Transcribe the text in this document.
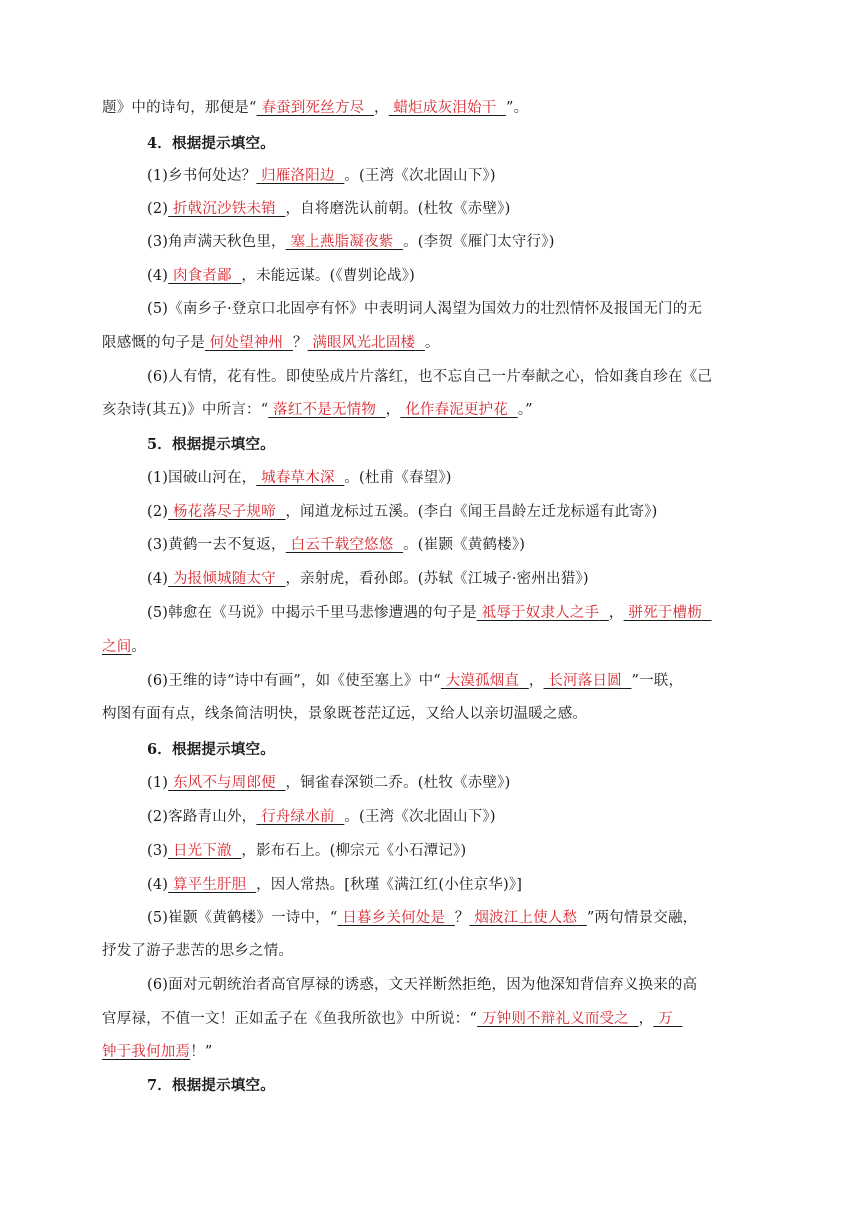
题》中的诗句，那便是“ 春蚕到死丝方尽 ， 蜡炬成灰泪始干 ”。
4．根据提示填空。
(1)乡书何处达？ 归雁洛阳边 。(王湾《次北固山下》)
(2) 折戟沉沙铁未销 ，自将磨洗认前朝。(杜牧《赤壁》)
(3)角声满天秋色里， 塞上燕脂凝夜紫 。(李贺《雁门太守行》)
(4) 肉食者鄙 ，未能远谋。(《曹刿论战》)
(5)《南乡子·登京口北固亭有怀》中表明词人渴望为国效力的壮烈情怀及报国无门的无
限感慨的句子是 何处望神州 ？ 满眼风光北固楼 。
(6)人有情，花有性。即使坠成片片落红，也不忘自己一片奉献之心，恰如龚自珍在《己
亥杂诗(其五)》中所言：“ 落红不是无情物 ， 化作春泥更护花 。”
5．根据提示填空。
(1)国破山河在， 城春草木深 。(杜甫《春望》)
(2) 杨花落尽子规啼 ，闻道龙标过五溪。(李白《闻王昌龄左迁龙标遥有此寄》)
(3)黄鹤一去不复返， 白云千载空悠悠 。(崔颢《黄鹤楼》)
(4) 为报倾城随太守 ，亲射虎，看孙郎。(苏轼《江城子·密州出猎》)
(5)韩愈在《马说》中揭示千里马悲惨遭遇的句子是 祗辱于奴隶人之手 ， 骈死于槽枥
之间。
(6)王维的诗“诗中有画”，如《使至塞上》中“ 大漠孤烟直 ， 长河落日圆 ”一联，
构图有面有点，线条简洁明快，景象既苍茫辽远，又给人以亲切温暖之感。
6．根据提示填空。
(1) 东风不与周郎便 ，铜雀春深锁二乔。(杜牧《赤壁》)
(2)客路青山外， 行舟绿水前 。(王湾《次北固山下》)
(3) 日光下澈 ，影布石上。(柳宗元《小石潭记》)
(4) 算平生肝胆 ，因人常热。[秋瑾《满江红(小住京华)》]
(5)崔颢《黄鹤楼》一诗中，“ 日暮乡关何处是 ？ 烟波江上使人愁 ”两句情景交融，
抒发了游子悲苦的思乡之情。
(6)面对元朝统治者高官厚禄的诱惑，文天祥断然拒绝，因为他深知背信弃义换来的高
官厚禄，不值一文！正如孟子在《鱼我所欲也》中所说：“ 万钟则不辩礼义而受之 ， 万
钟于我何加焉！”
7．根据提示填空。
